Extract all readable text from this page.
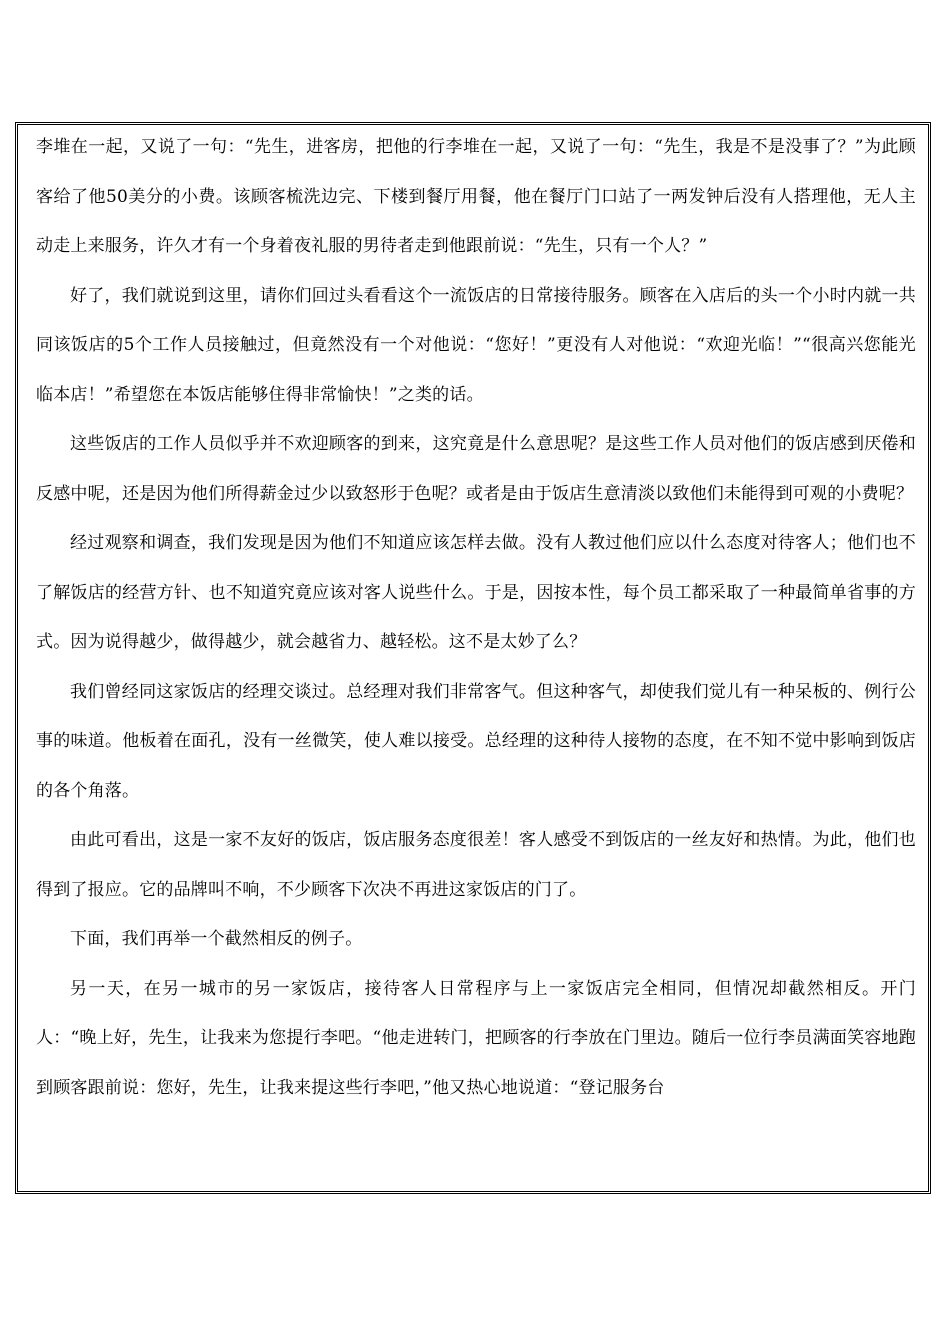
李堆在一起，又说了一句：“先生，进客房，把他的行李堆在一起，又说了一句：“先生，我是不是没事了？”为此顾客给了他50美分的小费。该顾客梳洗边完、下楼到餐厅用餐，他在餐厅门口站了一两发钟后没有人搭理他，无人主动走上来服务，许久才有一个身着夜礼服的男待者走到他跟前说：“先生，只有一个人？”

好了，我们就说到这里，请你们回过头看看这个一流饭店的日常接待服务。顾客在入店后的头一个小时内就一共同该饭店的5个工作人员接触过，但竟然没有一个对他说：“您好！”更没有人对他说：“欢迎光临！”“很高兴您能光临本店！”希望您在本饭店能够住得非常愉快！”之类的话。

这些饭店的工作人员似乎并不欢迎顾客的到来，这究竟是什么意思呢？是这些工作人员对他们的饭店感到厌倦和反感中呢，还是因为他们所得薪金过少以致怒形于色呢？或者是由于饭店生意清淡以致他们未能得到可观的小费呢？

经过观察和调查，我们发现是因为他们不知道应该怎样去做。没有人教过他们应以什么态度对待客人；他们也不了解饭店的经营方针、也不知道究竟应该对客人说些什么。于是，因按本性，每个员工都采取了一种最简单省事的方式。因为说得越少，做得越少，就会越省力、越轻松。这不是太妙了么？

我们曾经同这家饭店的经理交谈过。总经理对我们非常客气。但这种客气，却使我们觉儿有一种呆板的、例行公事的味道。他板着在面孔，没有一丝微笑，使人难以接受。总经理的这种待人接物的态度，在不知不觉中影响到饭店的各个角落。

由此可看出，这是一家不友好的饭店，饭店服务态度很差！客人感受不到饭店的一丝友好和热情。为此，他们也得到了报应。它的品牌叫不响，不少顾客下次决不再进这家饭店的门了。

下面，我们再举一个截然相反的例子。

另一天，在另一城市的另一家饭店，接待客人日常程序与上一家饭店完全相同，但情况却截然相反。开门人：“晚上好，先生，让我来为您提行李吧。“他走进转门，把顾客的行李放在门里边。随后一位行李员满面笑容地跑到顾客跟前说：您好，先生，让我来提这些行李吧，”他又热心地说道：“登记服务台
